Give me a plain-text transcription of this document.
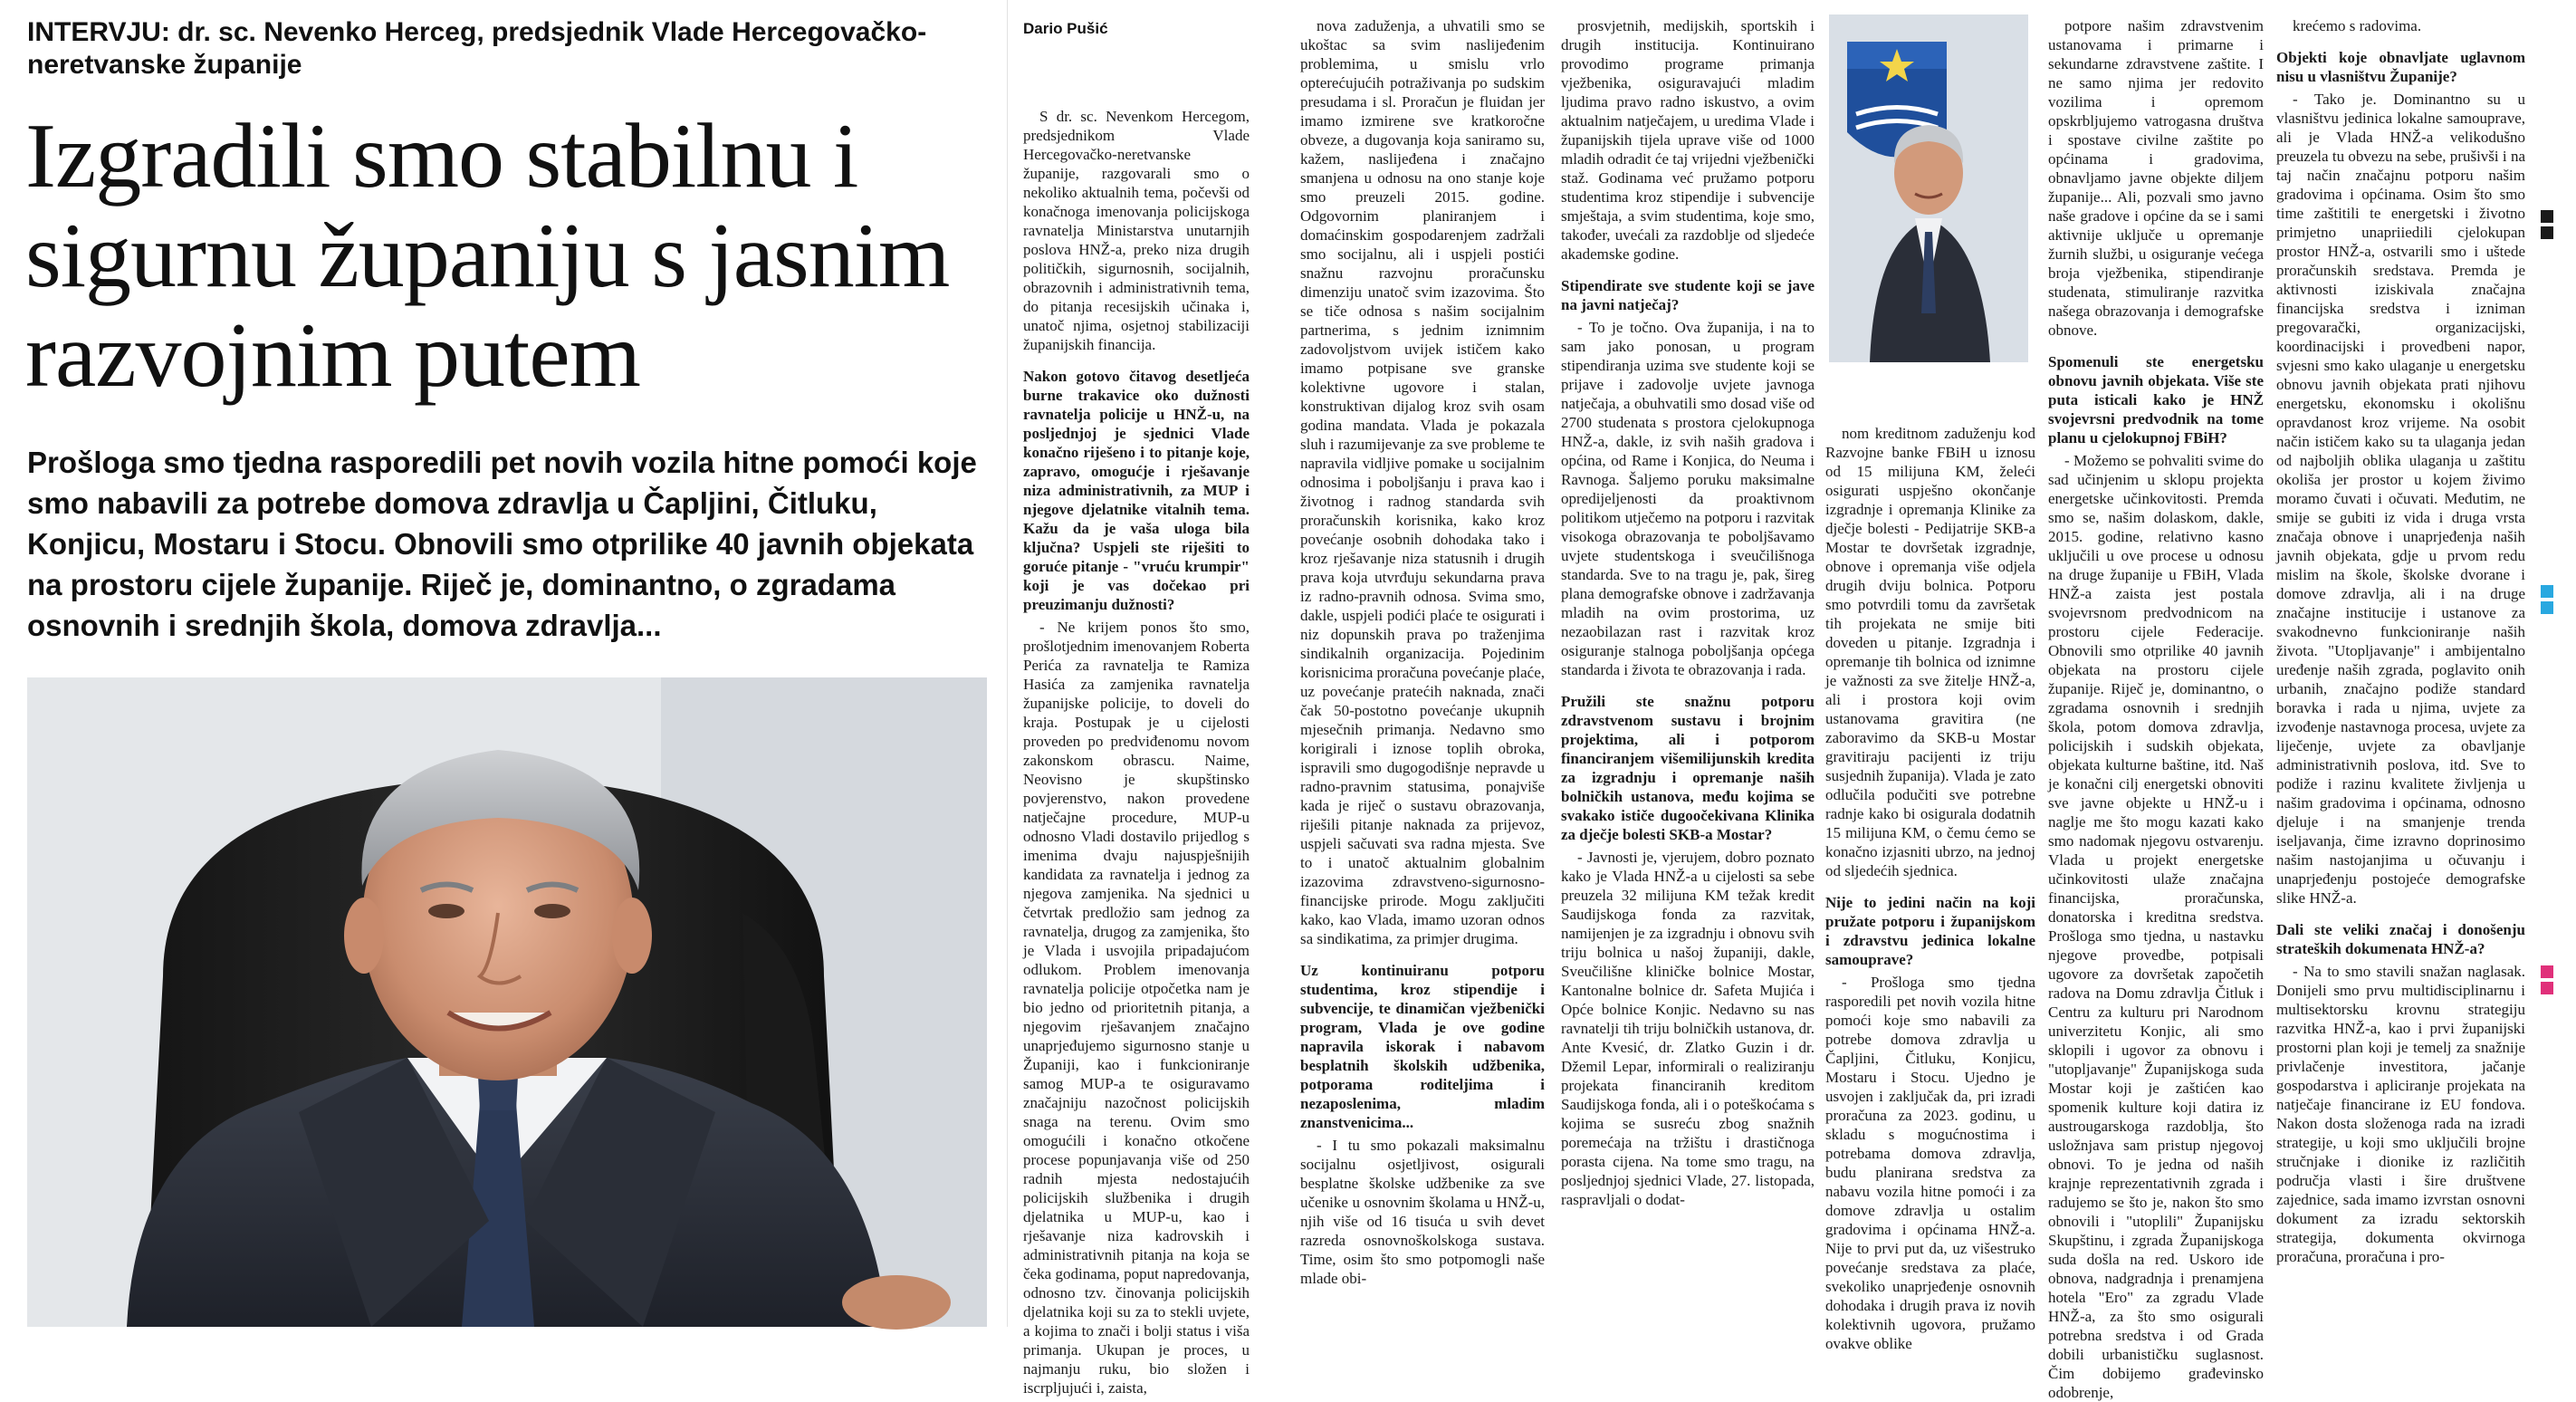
INTERVJU: dr. sc. Nevenko Herceg, predsjednik Vlade Hercegovačko-neretvanske županije
Izgradili smo stabilnu i sigurnu županiju s jasnim razvojnim putem
Prošloga smo tjedna rasporedili pet novih vozila hitne pomoći koje smo nabavili za potrebe domova zdravlja u Čapljini, Čitluku, Konjicu, Mostaru i Stocu. Obnovili smo otprilike 40 javnih objekata na prostoru cijele županije. Riječ je, dominantno, o zgradama osnovnih i srednjih škola, domova zdravlja...
Dario Pušić

S dr. sc. Nevenkom Hercegom, predsjednikom Vlade Hercegovačko-neretvanske županije, razgovarali smo o nekoliko aktualnih tema, počevši od konačnoga imenovanja policijskoga ravnatelja Ministarstva unutarnjih poslova HNŽ-a, preko niza drugih političkih, sigurnosnih, socijalnih, obrazovnih i administrativnih tema, do pitanja recesijskih učinaka i, unatoč njima, osjetnoj stabilizaciji županijskih financija.

Nakon gotovo čitavog desetljeća burne trakavice oko dužnosti ravnatelja policije u HNŽ-u, na posljednjoj je sjednici Vlade konačno riješeno i to pitanje koje, zapravo, omogućje i rješavanje niza administrativnih, za MUP i njegove djelatnike vitalnih tema. Kažu da je vaša uloga bila ključna? Uspjeli ste riješiti to goruće pitanje - "vruću krumpir" koji je vas dočekao pri preuzimanju dužnosti?

- Ne krijem ponos što smo, prošlotjednim imenovanjem Roberta Perića za ravnatelja te Ramiza Hasića za zamjenika ravnatelja županijske policije, to doveli do kraja. Postupak je u cijelosti proveden po predviđenomu novom zakonskom obrascu. Naime, Neovisno je skupštinsko povjerenstvo, nakon provedene natječajne procedure, MUP-u odnosno Vladi dostavilo prijedlog s imenima dvaju najuspješnijih kandidata za ravnatelja i jednog za njegova zamjenika. Na sjednici u četvrtak predložio sam jednog za ravnatelja, drugog za zamjenika, što je Vlada i usvojila pripadajućom odlukom. Problem imenovanja ravnatelja policije otpočetka nam je bio jedno od prioritetnih pitanja, a njegovim rješavanjem značajno unaprjeđujemo sigurnosno stanje u Županiji, kao i funkcioniranje samog MUP-a te osiguravamo značajniju nazočnost policijskih snaga na terenu. Ovim smo omogućili i konačno otkočene procese popunjavanja više od 250 radnih mjesta nedostajućih policijskih službenika i drugih djelatnika u MUP-u, kao i rješavanje niza kadrovskih i administrativnih pitanja na koja se čeka godinama, poput napredovanja, odnosno tzv. činovanja policijskih djelatnika koji su za to stekli uvjete, a kojima to znači i bolji status i viša primanja. Ukupan je proces, u najmanju ruku, bio složen i iscrpljujući i, zaista,

nova zaduženja, a uhvatili smo se ukoštac sa svim naslijeđenim problemima, u smislu vrlo opterećujućih potraživanja po sudskim presudama i sl. Proračun je fluidan jer imamo izmirene sve kratkoročne obveze, a dugovanja koja saniramo su, kažem, naslijeđena i značajno smanjena u odnosu na ono stanje koje smo preuzeli 2015. godine. Odgovornim planiranjem i domaćinskim gospodarenjem zadržali smo socijalnu, ali i uspjeli postići snažnu razvojnu proračunsku dimenziju unatoč svim izazovima. Što se tiče odnosa s našim socijalnim partnerima, s jednim iznimnim zadovoljstvom uvijek ističem kako imamo potpisane sve granske kolektivne ugovore i stalan, konstruktivan dijalog kroz svih osam godina mandata. Vlada je pokazala sluh i razumijevanje za sve probleme te napravila vidljive pomake u socijalnim odnosima i poboljšanju i prava kao i životnog i radnog standarda svih proračunskih korisnika, kako kroz povećanje osobnih dohodaka tako i kroz rješavanje niza statusnih i drugih prava koja utvrđuju sekundarna prava iz radno-pravnih odnosa. Svima smo, dakle, uspjeli podići plaće te osigurati i niz dopunskih prava po traženjima sindikalnih organizacija. Pojedinim korisnicima proračuna povećanje plaće, uz povećanje pratećih naknada, znači čak 50-postotno povećanje ukupnih mjesečnih primanja. Nedavno smo korigirali i iznose toplih obroka, ispravili smo dugogodišnje nepravde u radno-pravnim statusima, ponajviše kada je riječ o sustavu obrazovanja, riješili pitanje naknada za prijevoz, uspjeli sačuvati sva radna mjesta. Sve to i unatoč aktualnim globalnim izazovima zdravstveno-sigurnosno-financijske prirode. Mogu zaključiti kako, kao Vlada, imamo uzoran odnos sa sindikatima, za primjer drugima.

Uz kontinuiranu potporu studentima, kroz stipendije i subvencije, te dinamičan vježbenički program, Vlada je ove godine napravila iskorak i nabavom besplatnih školskih udžbenika, potporama roditeljima i nezaposlenima, mladim znanstvenicima...

- I tu smo pokazali maksimalnu socijalnu osjetljivost, osigurali besplatne školske udžbenike za sve učenike u osnovnim školama u HNŽ-u, njih više od 16 tisuća u svih devet razreda osnovnoškolskoga sustava. Time, osim što smo potpomogli naše mlade obi-

prosvjetnih, medijskih, sportskih i drugih institucija. Kontinuirano provodimo programe primanja vježbenika, osiguravajući mladim ljudima pravo radno iskustvo, a ovim aktualnim natječajem, u uredima Vlade i županijskih tijela uprave više od 1000 mladih odradit će taj vrijedni vježbenički staž. Godinama već pružamo potporu studentima kroz stipendije i subvencije smještaja, a svim studentima, koje smo, također, uvećali za razdoblje od sljedeće akademske godine.

Stipendirate sve studente koji se jave na javni natječaj?

- To je točno. Ova županija, i na to sam jako ponosan, u program stipendiranja uzima sve studente koji se prijave i zadovolje uvjete javnoga natječaja, a obuhvatili smo dosad više od 2700 studenata s prostora cjelokupnoga HNŽ-a, dakle, iz svih naših gradova i općina, od Rame i Konjica, do Neuma i Ravnoga. Šaljemo poruku maksimalne opredijeljenosti da proaktivnom politikom utječemo na potporu i razvitak visokoga obrazovanja te poboljšavamo uvjete studentskoga i sveučilišnoga standarda. Sve to na tragu je, pak, šireg plana demografske obnove i zadržavanja mladih na ovim prostorima, uz nezaobilazan rast i razvitak kroz osiguranje stalnoga poboljšanja općega standarda i života te obrazovanja i rada.

Pružili ste snažnu potporu zdravstvenom sustavu i brojnim projektima, ali i potporom financiranjem višemilijunskih kredita za izgradnju i opremanje naših bolničkih ustanova, među kojima se svakako ističe dugoočekivana Klinika za dječje bolesti SKB-a Mostar?

- Javnosti je, vjerujem, dobro poznato kako je Vlada HNŽ-a u cijelosti sa sebe preuzela 32 milijuna KM težak kredit Saudijskoga fonda za razvitak, namijenjen je za izgradnju i obnovu svih triju bolnica u našoj županiji, dakle, Sveučilišne kliničke bolnice Mostar, Kantonalne bolnice dr. Safeta Mujića i Opće bolnice Konjic. Nedavno su nas ravnatelji tih triju bolničkih ustanova, dr. Ante Kvesić, dr. Zlatko Guzin i dr. Džemil Lepar, informirali o realiziranju projekata financiranih kreditom Saudijskoga fonda, ali i o poteškoćama s kojima se susreću zbog snažnih poremećaja na tržištu i drastičnoga porasta cijena. Na tome smo tragu, na posljednjoj sjednici Vlade, 27. listopada, raspravljali o dodat-

nom kreditnom zaduženju kod Razvojne banke FBiH u iznosu od 15 milijuna KM, želeći osigurati uspješno okončanje izgradnje i opremanja Klinike za dječje bolesti - Pedijatrije SKB-a Mostar te dovršetak izgradnje, obnove i opremanja više odjela drugih dviju bolnica. Potporu smo potvrdili tomu da završetak tih projekata ne smije biti doveden u pitanje. Izgradnja i opremanje tih bolnica od iznimne je važnosti za sve žitelje HNŽ-a, ali i prostora koji ovim ustanovama gravitira (ne zaboravimo da SKB-u Mostar gravitiraju pacijenti iz triju susjednih županija). Vlada je zato odlučila podučiti sve potrebne radnje kako bi osigurala dodatnih 15 milijuna KM, o čemu ćemo se konačno izjasniti ubrzo, na jednoj od sljedećih sjednica.

Nije to jedini način na koji pružate potporu i županijskom i zdravstvu jedinica lokalne samouprave?

- Prošloga smo tjedna rasporedili pet novih vozila hitne pomoći koje smo nabavili za potrebe domova zdravlja u Čapljini, Čitluku, Konjicu, Mostaru i Stocu. Ujedno je usvojen i zaključak da, pri izradi proračuna za 2023. godinu, u skladu s mogućnostima i potrebama domova zdravlja, budu planirana sredstva za nabavu vozila hitne pomoći i za domove zdravlja u ostalim gradovima i općinama HNŽ-a. Nije to prvi put da, uz višestruko povećanje sredstava za plaće, svekoliko unaprjeđenje osnovnih dohodaka i drugih prava iz novih kolektivnih ugovora, pružamo ovakve oblike

potpore našim zdravstvenim ustanovama i primarne i sekundarne zdravstvene zaštite. I ne samo njima jer redovito vozilima i opremom opskrbljujemo vatrogasna društva i spostave civilne zaštite po općinama i gradovima, obnavljamo javne objekte diljem županije... Ali, pozvali smo javno naše gradove i općine da se i sami aktivnije uključe u opremanje žurnih službi, u osiguranje većega broja vježbenika, stipendiranje studenata, stimuliranje razvitka našega obrazovanja i demografske obnove.

Spomenuli ste energetsku obnovu javnih objekata. Više ste puta isticali kako je HNŽ svojevrsni predvodnik na tome planu u cjelokupnoj FBiH?

- Možemo se pohvaliti svime do sad učinjenim u sklopu projekta energetske učinkovitosti. Premda smo se, našim dolaskom, dakle, 2015. godine, relativno kasno uključili u ove procese u odnosu na druge županije u FBiH, Vlada HNŽ-a zaista jest postala svojevrsnom predvodnicom na prostoru cijele Federacije. Obnovili smo otprilike 40 javnih objekata na prostoru cijele županije. Riječ je, dominantno, o zgradama osnovnih i srednjih škola, potom domova zdravlja, policijskih i sudskih objekata, objekata kulturne baštine, itd. Naš je konačni cilj energetski obnoviti sve javne objekte u HNŽ-u i naglje me što mogu kazati kako smo nadomak njegovu ostvarenju. Vlada u projekt energetske učinkovitosti ulaže značajna financijska, proračunska, donatorska i kreditna sredstva. Prošloga smo tjedna, u nastavku njegove provedbe, potpisali ugovore za dovršetak započetih radova na Domu zdravlja Čitluk i Centru za kulturu pri Narodnom univerzitetu Konjic, ali smo sklopili i ugovor za obnovu i "utopljavanje" Županijskoga suda Mostar koji je zaštićen kao spomenik kulture koji datira iz austrougarskoga razdoblja, što usložnjava sam pristup njegovoj obnovi. To je jedna od naših krajnje reprezentativnih zgrada i radujemo se što je, nakon što smo obnovili i "utoplili" Županijsku Skupštinu, i zgrada Županijskoga suda došla na red. Uskoro ide obnova, nadgradnja i prenamjena hotela "Ero" za zgradu Vlade HNŽ-a, za što smo osigurali potrebna sredstva i od Grada dobili urbanističku suglasnost. Čim dobijemo građevinsko odobrenje,

krećemo s radovima.

Objekti koje obnavljate uglavnom nisu u vlasništvu Županije?

- Tako je. Dominantno su u vlasništvu jedinica lokalne samouprave, ali je Vlada HNŽ-a velikodušno preuzela tu obvezu na sebe, prušivši i na taj način značajnu potporu našim gradovima i općinama. Osim što smo time zaštitili te energetski i životno primjetno unapriiedili cjelokupan prostor HNŽ-a, ostvarili smo i uštede proračunskih sredstava. Premda je aktivnosti iziskivala značajna financijska sredstva i izniman pregovarački, organizacijski, koordinacijski i provedbeni napor, svjesni smo kako ulaganje u energetsku obnovu javnih objekata prati njihovu energetsku, ekonomsku i okolišnu opravdanost kroz vrijeme. Na osobit način ističem kako su ta ulaganja jedan od najboljih oblika ulaganja u zaštitu okoliša jer prostor u kojem živimo moramo čuvati i očuvati. Međutim, ne smije se gubiti iz vida i druga vrsta značaja obnove i unaprjeđenja naših javnih objekata, gdje u prvom redu mislim na škole, školske dvorane i domove zdravlja, ali i na druge značajne institucije i ustanove za svakodnevno funkcioniranje naših života. "Utopljavanje" i ambijentalno uređenje naših zgrada, poglavito onih urbanih, značajno podiže standard boravka i rada u njima, uvjete za izvođenje nastavnoga procesa, uvjete za liječenje, uvjete za obavljanje administrativnih poslova, itd. Sve to podiže i razinu kvalitete življenja u našim gradovima i općinama, odnosno djeluje i na smanjenje trenda iseljavanja, čime izravno doprinosimo našim nastojanjima u očuvanju i unaprjeđenju postojeće demografske slike HNŽ-a.

Dali ste veliki značaj i donošenju strateških dokumenata HNŽ-a?

- Na to smo stavili snažan naglasak. Donijeli smo prvu multidisciplinarnu i multisektorsku krovnu strategiju razvitka HNŽ-a, kao i prvi županijski prostorni plan koji je temelj za snažnije privlačenje investitora, jačanje gospodarstva i apliciranje projekata na natječaje financirane iz EU fondova. Nakon dosta složenoga rada na izradi strategije, u koji smo uključili brojne stručnjake i dionike iz različitih područja vlasti i šire društvene zajednice, sada imamo izvrstan osnovni dokument za izradu sektorskih strategija, dokumenta okvirnoga proračuna, proračuna i pro-
